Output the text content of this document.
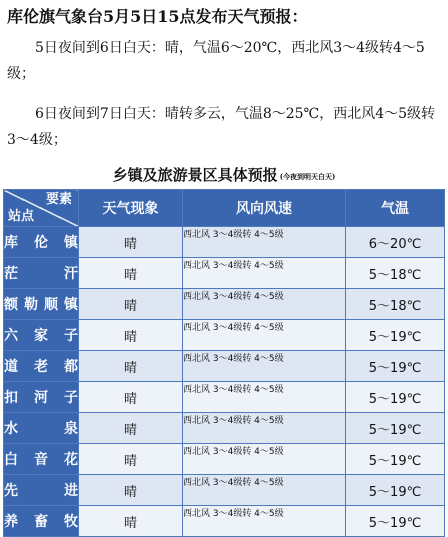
库伦旗气象台5月5日15点发布天气预报：
　　5日夜间到6日白天：晴，气温6～20℃，西北风3～4级转4～5级；
　　6日夜间到7日白天：晴转多云，气温8～25℃，西北风4～5级转3～4级；
乡镇及旅游景区具体预报 (今夜到明天白天)
要素
站点	天气现象	风向风速	气温
库伦镇	晴	西北风 3～4级转 4～5级	6～20℃
茫汗	晴	西北风 3～4级转 4～5级	5～18℃
额勒顺镇	晴	西北风 3～4级转 4～5级	5～18℃
六家子	晴	西北风 3～4级转 4～5级	5～19℃
道老都	晴	西北风 3～4级转 4～5级	5～19℃
扣河子	晴	西北风 3～4级转 4～5级	5～19℃
水泉	晴	西北风 3～4级转 4～5级	5～19℃
白音花	晴	西北风 3～4级转 4～5级	5～19℃
先进	晴	西北风 3～4级转 4～5级	5～19℃
养畜牧	晴	西北风 3～4级转 4～5级	5～19℃
